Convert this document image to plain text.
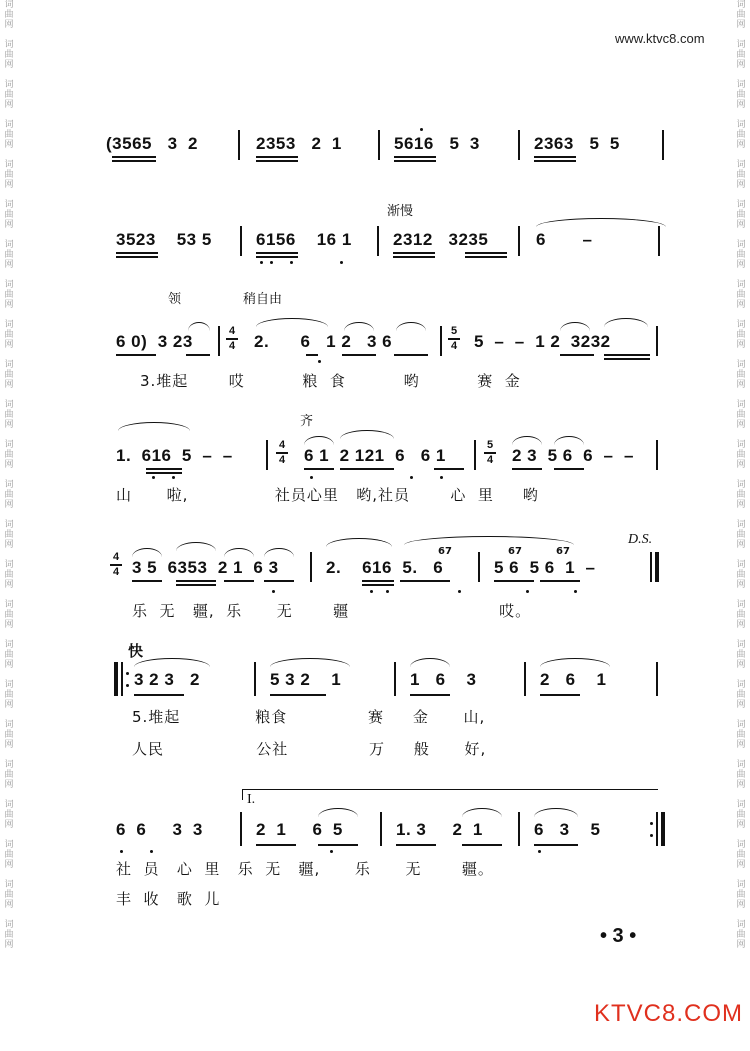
词
曲
网

词
曲
网

词
曲
网

词
曲
网

词
曲
网

词
曲
网

词
曲
网

词
曲
网

词
曲
网

词
曲
网

词
曲
网

词
曲
网

词
曲
网

词
曲
网

词
曲
网

词
曲
网

词
曲
网

词
曲
网

词
曲
网

词
曲
网

词
曲
网

词
曲
网

词
曲
网

词
曲
网
词
曲
网

词
曲
网

词
曲
网

词
曲
网

词
曲
网

词
曲
网

词
曲
网

词
曲
网

词
曲
网

词
曲
网

词
曲
网

词
曲
网

词
曲
网

词
曲
网

词
曲
网

词
曲
网

词
曲
网

词
曲
网

词
曲
网

词
曲
网

词
曲
网

词
曲
网

词
曲
网

词
曲
网
www.ktvc8.com
(3565   3  2	2353   2  1	5616   5  3	2363   5  5
渐慢
3523    53 5	6156    16 1 2312   3235	6       –
领	稍自由
6 0)  3 23
4
4 2.      6   1 2   3 6
5
4 5  –  –  1 2  3232
3.堆起       哎          粮  食          哟          赛  金
齐
1.  616  5  –  –
4
4 6 1  2 121  6   6 1
5
4 2 3  5 6  6  –  –
山      啦,               社员心里   哟,社员       心  里     哟
D.S.
4
4 3 5  6353  2 1  6 3	2.    616  5.   6	5 6  5 6  1  –
67	67	67
乐  无   疆,  乐      无       疆                          哎。
快
3 2 3   2	5 3 2    1	1   6    3	2   6    1
5.堆起             粮食              赛     金      山,
人民                公社              万     般      好,
I.
6  6     3  3	2  1     6  5	1. 3     2  1	6   3    5
社  员   心  里   乐  无   疆,      乐      无       疆。
丰  收   歌  儿
• 3 •
KTVC8.COM
